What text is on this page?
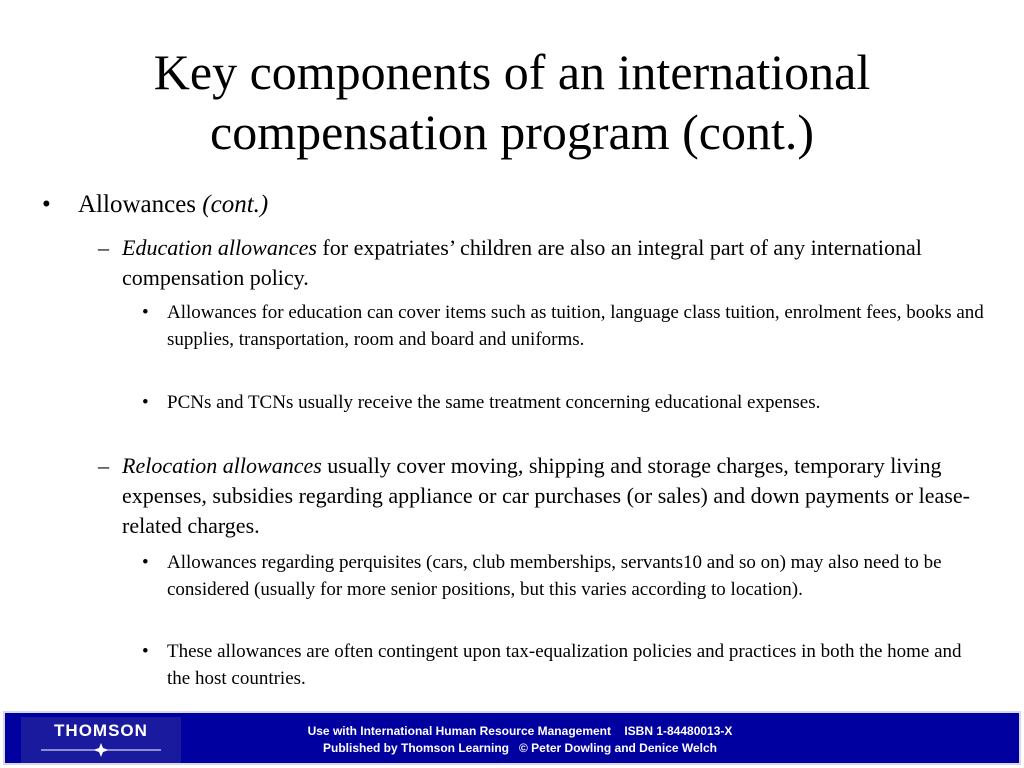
Key components of an international
compensation program (cont.)
• Allowances (cont.)
– Education allowances for expatriates’ children are also an integral part of any international compensation policy.
• Allowances for education can cover items such as tuition, language class tuition, enrolment fees, books and supplies, transportation, room and board and uniforms.
• PCNs and TCNs usually receive the same treatment concerning educational expenses.
– Relocation allowances usually cover moving, shipping and storage charges, temporary living expenses, subsidies regarding appliance or car purchases (or sales) and down payments or lease-related charges.
• Allowances regarding perquisites (cars, club memberships, servants10 and so on) may also need to be considered (usually for more senior positions, but this varies according to location).
• These allowances are often contingent upon tax-equalization policies and practices in both the home and the host countries.
THOMSON	Use with International Human Resource Management    ISBN 1-84480013-X
Published by Thomson Learning   © Peter Dowling and Denice Welch
